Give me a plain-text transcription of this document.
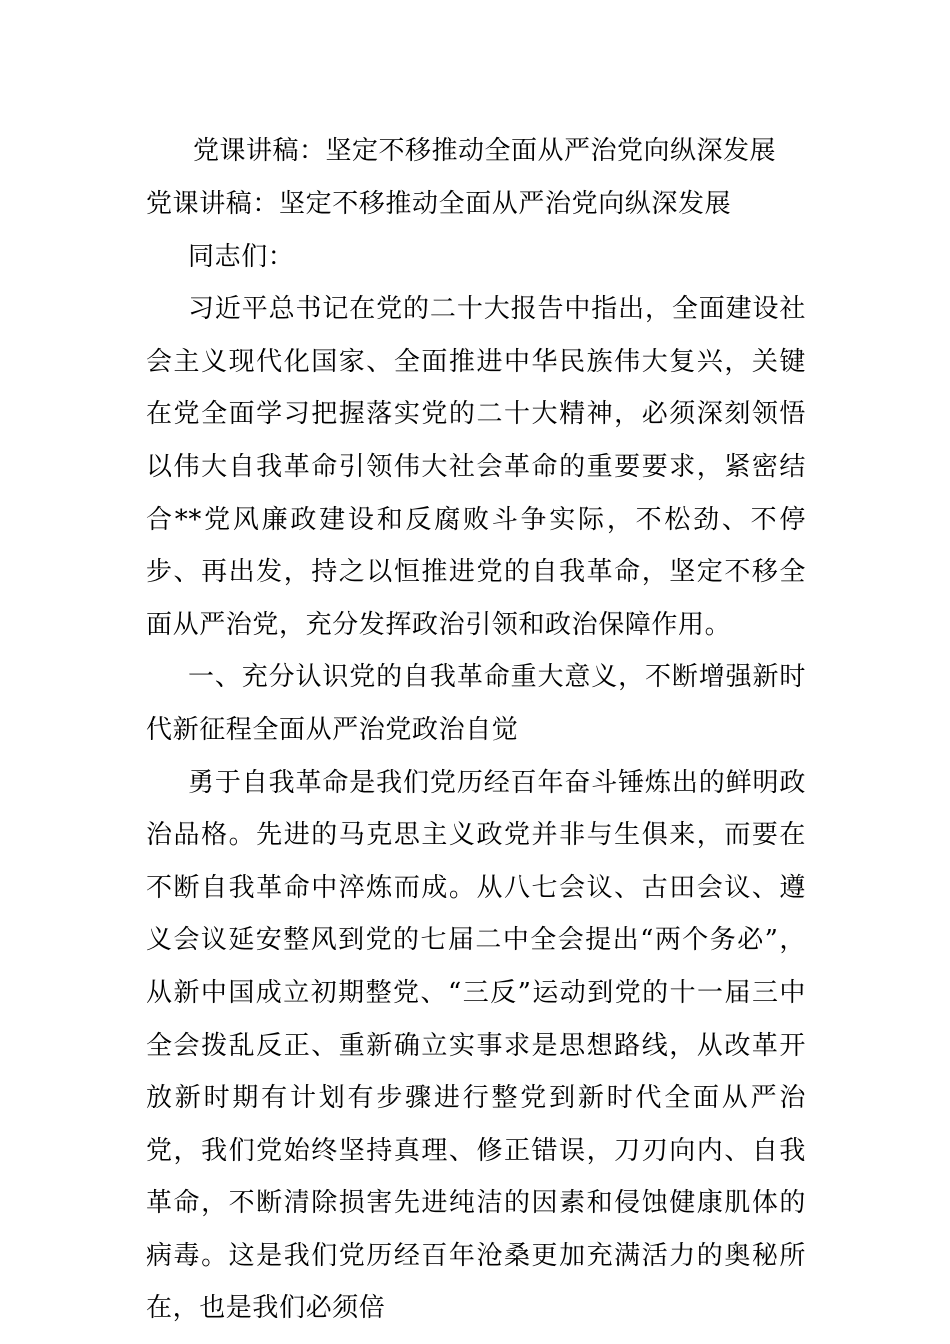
党课讲稿：坚定不移推动全面从严治党向纵深发展

党课讲稿：坚定不移推动全面从严治党向纵深发展

同志们：

习近平总书记在党的二十大报告中指出，全面建设社会主义现代化国家、全面推进中华民族伟大复兴，关键在党全面学习把握落实党的二十大精神，必须深刻领悟以伟大自我革命引领伟大社会革命的重要要求，紧密结合**党风廉政建设和反腐败斗争实际，不松劲、不停步、再出发，持之以恒推进党的自我革命，坚定不移全面从严治党，充分发挥政治引领和政治保障作用。

一、充分认识党的自我革命重大意义，不断增强新时代新征程全面从严治党政治自觉

勇于自我革命是我们党历经百年奋斗锤炼出的鲜明政治品格。先进的马克思主义政党并非与生俱来，而要在不断自我革命中淬炼而成。从八七会议、古田会议、遵义会议延安整风到党的七届二中全会提出“两个务必”，从新中国成立初期整党、“三反”运动到党的十一届三中全会拨乱反正、重新确立实事求是思想路线，从改革开放新时期有计划有步骤进行整党到新时代全面从严治党，我们党始终坚持真理、修正错误，刀刃向内、自我革命，不断清除损害先进纯洁的因素和侵蚀健康肌体的病毒。这是我们党历经百年沧桑更加充满活力的奥秘所在，也是我们必须倍
